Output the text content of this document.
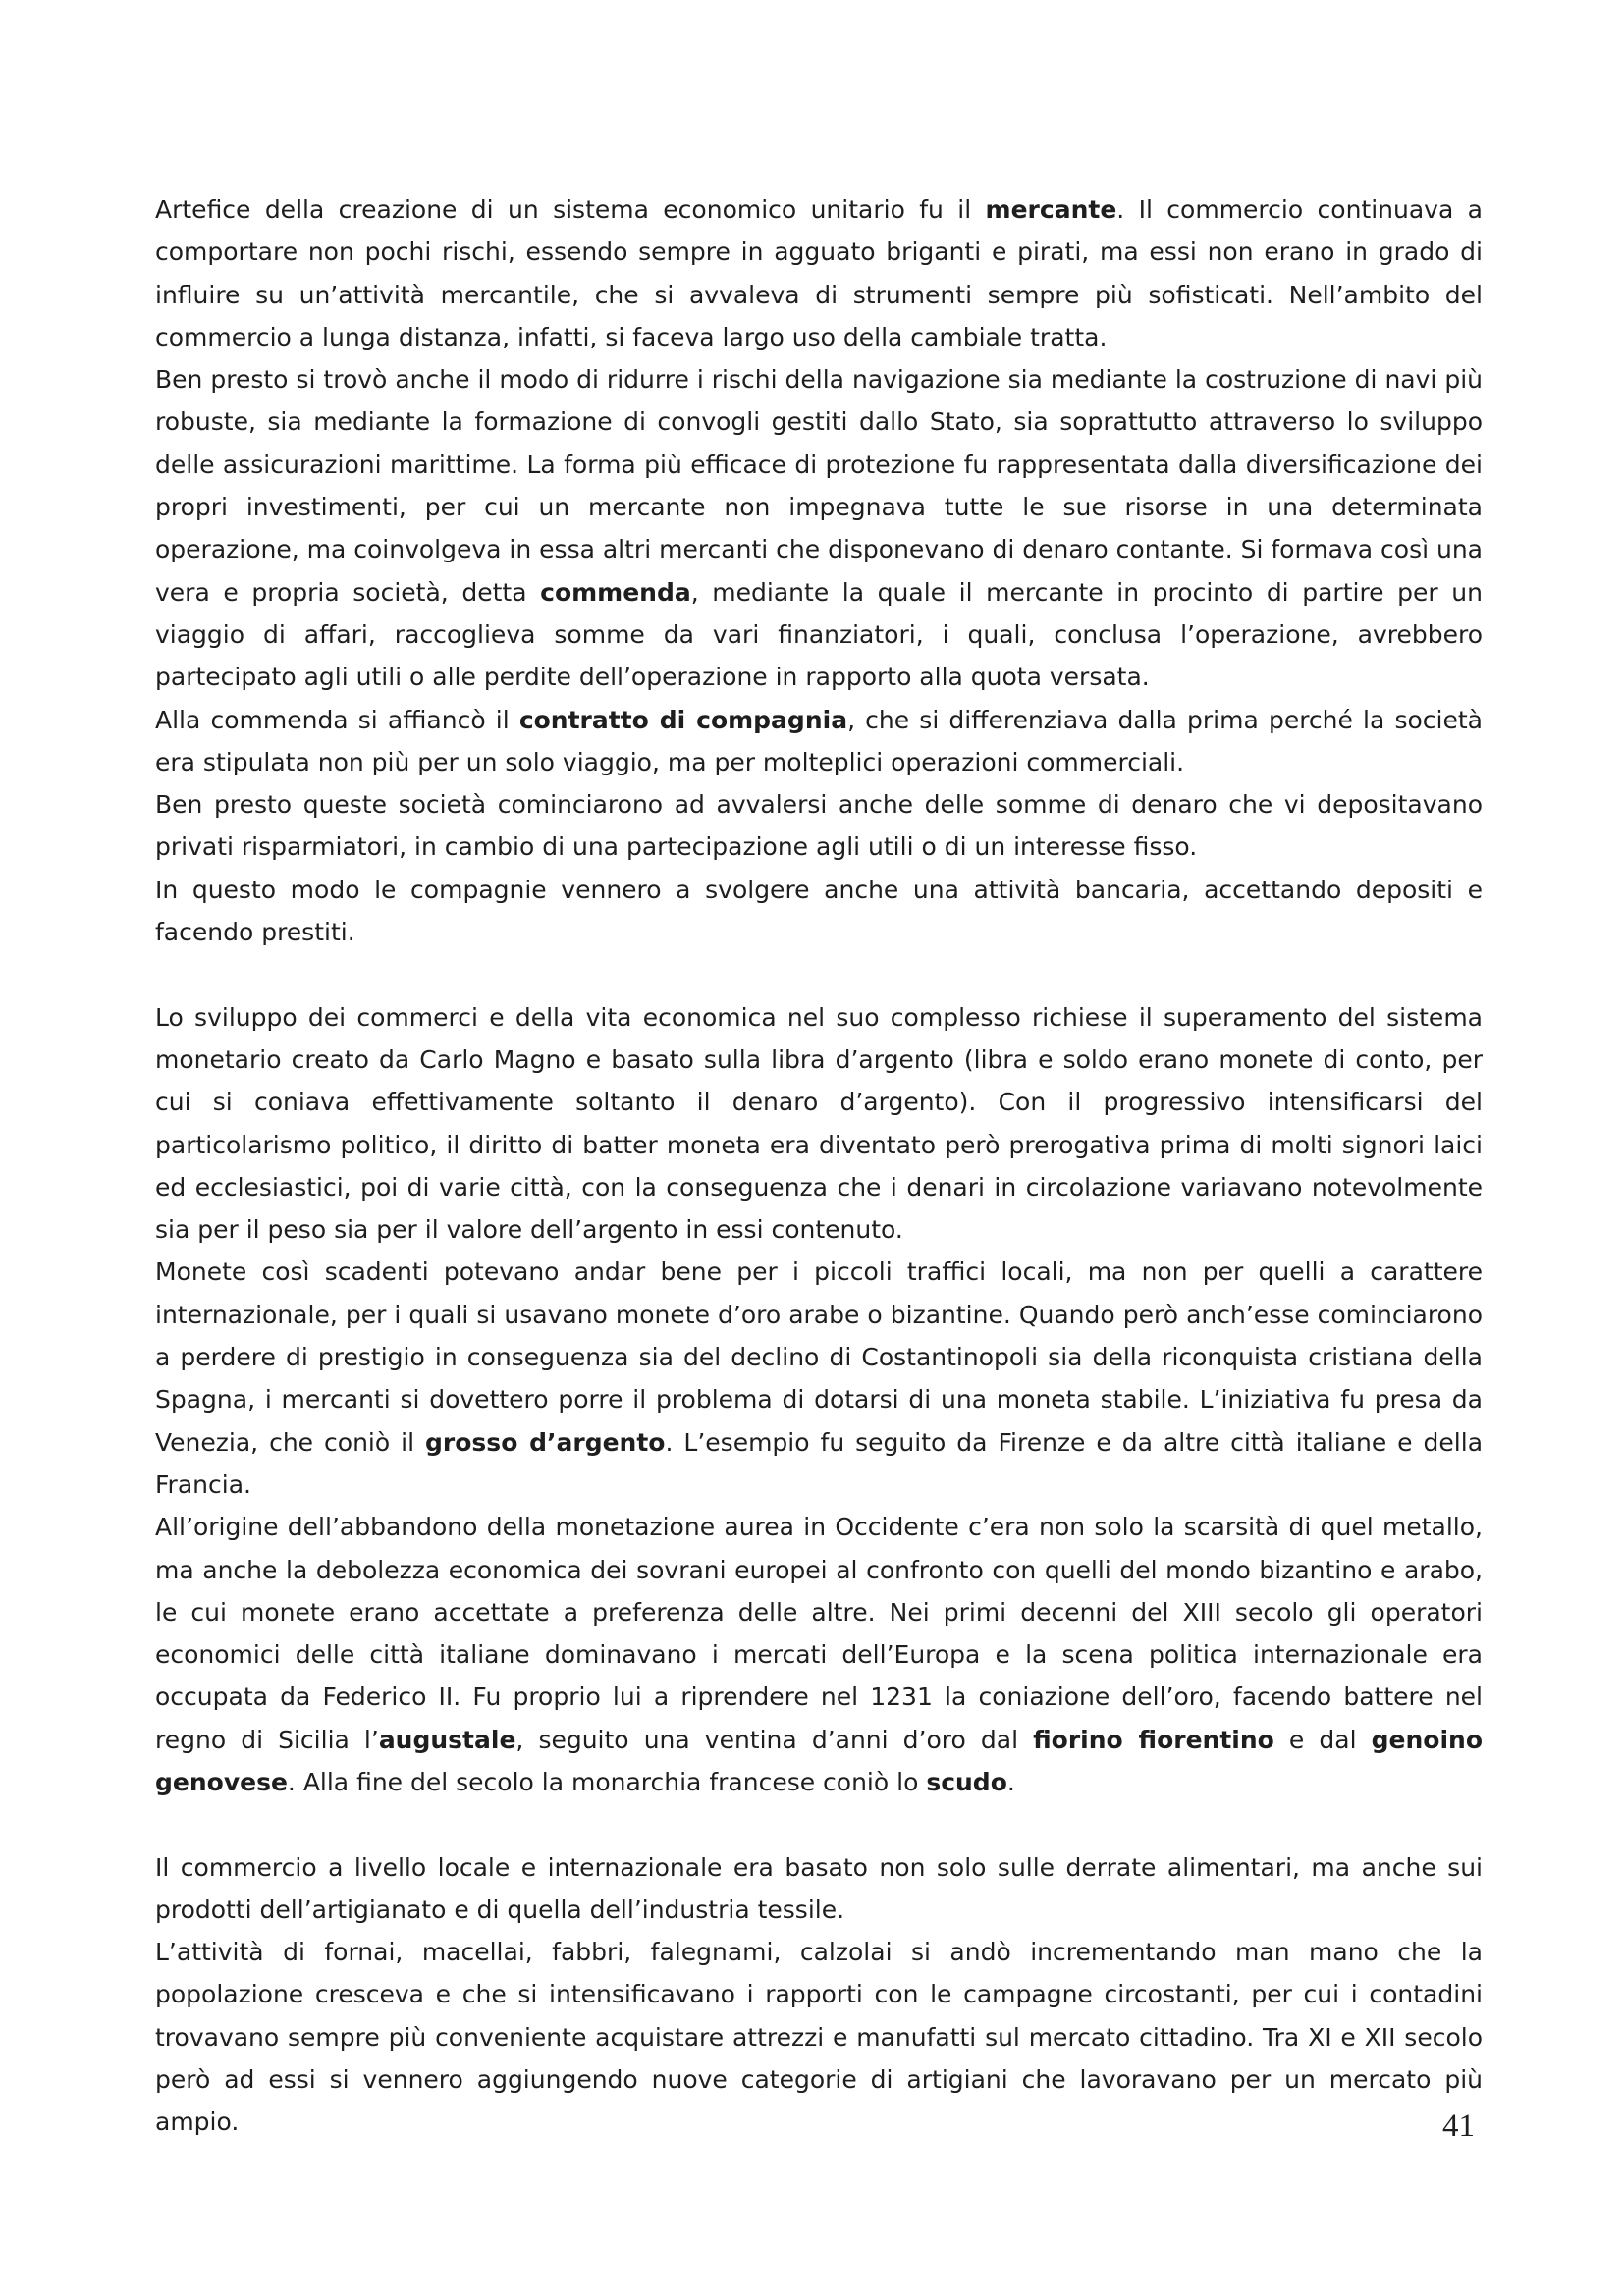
Artefice della creazione di un sistema economico unitario fu il mercante. Il commercio continuava a comportare non pochi rischi, essendo sempre in agguato briganti e pirati, ma essi non erano in grado di influire su un’attività mercantile, che si avvaleva di strumenti sempre più sofisticati. Nell’ambito del commercio a lunga distanza, infatti, si faceva largo uso della cambiale tratta.

Ben presto si trovò anche il modo di ridurre i rischi della navigazione sia mediante la costruzione di navi più robuste, sia mediante la formazione di convogli gestiti dallo Stato, sia soprattutto attraverso lo sviluppo delle assicurazioni marittime. La forma più efficace di protezione fu rappresentata dalla diversificazione dei propri investimenti, per cui un mercante non impegnava tutte le sue risorse in una determinata operazione, ma coinvolgeva in essa altri mercanti che disponevano di denaro contante. Si formava così una vera e propria società, detta commenda, mediante la quale il mercante in procinto di partire per un viaggio di affari, raccoglieva somme da vari finanziatori, i quali, conclusa l’operazione, avrebbero partecipato agli utili o alle perdite dell’operazione in rapporto alla quota versata.

Alla commenda si affiancò il contratto di compagnia, che si differenziava dalla prima perché la società era stipulata non più per un solo viaggio, ma per molteplici operazioni commerciali.

Ben presto queste società cominciarono ad avvalersi anche delle somme di denaro che vi depositavano privati risparmiatori, in cambio di una partecipazione agli utili o di un interesse fisso.

In questo modo le compagnie vennero a svolgere anche una attività bancaria, accettando depositi e facendo prestiti.

Lo sviluppo dei commerci e della vita economica nel suo complesso richiese il superamento del sistema monetario creato da Carlo Magno e basato sulla libra d’argento (libra e soldo erano monete di conto, per cui si coniava effettivamente soltanto il denaro d’argento). Con il progressivo intensificarsi del particolarismo politico, il diritto di batter moneta era diventato però prerogativa prima di molti signori laici ed ecclesiastici, poi di varie città, con la conseguenza che i denari in circolazione variavano notevolmente sia per il peso sia per il valore dell’argento in essi contenuto.

Monete così scadenti potevano andar bene per i piccoli traffici locali, ma non per quelli a carattere internazionale, per i quali si usavano monete d’oro arabe o bizantine. Quando però anch’esse cominciarono a perdere di prestigio in conseguenza sia del declino di Costantinopoli sia della riconquista cristiana della Spagna, i mercanti si dovettero porre il problema di dotarsi di una moneta stabile. L’iniziativa fu presa da Venezia, che coniò il grosso d’argento. L’esempio fu seguito da Firenze e da altre città italiane e della Francia.

All’origine dell’abbandono della monetazione aurea in Occidente c’era non solo la scarsità di quel metallo, ma anche la debolezza economica dei sovrani europei al confronto con quelli del mondo bizantino e arabo, le cui monete erano accettate a preferenza delle altre. Nei primi decenni del XIII secolo gli operatori economici delle città italiane dominavano i mercati dell’Europa e la scena politica internazionale era occupata da Federico II. Fu proprio lui a riprendere nel 1231 la coniazione dell’oro, facendo battere nel regno di Sicilia l’augustale, seguito una ventina d’anni d’oro dal fiorino fiorentino e dal genoino genovese. Alla fine del secolo la monarchia francese coniò lo scudo.

Il commercio a livello locale e internazionale era basato non solo sulle derrate alimentari, ma anche sui prodotti dell’artigianato e di quella dell’industria tessile.

L’attività di fornai, macellai, fabbri, falegnami, calzolai si andò incrementando man mano che la popolazione cresceva e che si intensificavano i rapporti con le campagne circostanti, per cui i contadini trovavano sempre più conveniente acquistare attrezzi e manufatti sul mercato cittadino. Tra XI e XII secolo però ad essi si vennero aggiungendo nuove categorie di artigiani che lavoravano per un mercato più ampio.	41
